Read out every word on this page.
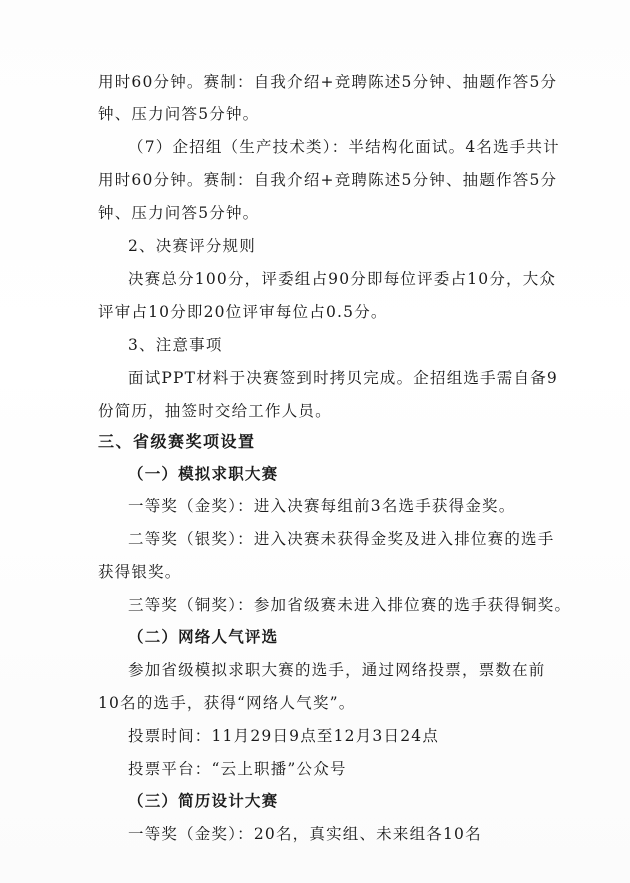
用时60分钟。赛制：自我介绍+竞聘陈述5分钟、抽题作答5分
钟、压力问答5分钟。
（7）企招组（生产技术类）：半结构化面试。4名选手共计
用时60分钟。赛制：自我介绍+竞聘陈述5分钟、抽题作答5分
钟、压力问答5分钟。
2、决赛评分规则
决赛总分100分，评委组占90分即每位评委占10分，大众
评审占10分即20位评审每位占0.5分。
3、注意事项
面试PPT材料于决赛签到时拷贝完成。企招组选手需自备9
份简历，抽签时交给工作人员。
三、省级赛奖项设置
（一）模拟求职大赛
一等奖（金奖）：进入决赛每组前3名选手获得金奖。
二等奖（银奖）：进入决赛未获得金奖及进入排位赛的选手
获得银奖。
三等奖（铜奖）：参加省级赛未进入排位赛的选手获得铜奖。
（二）网络人气评选
参加省级模拟求职大赛的选手，通过网络投票，票数在前
10名的选手，获得“网络人气奖”。
投票时间：11月29日9点至12月3日24点
投票平台：“云上职播”公众号
（三）简历设计大赛
一等奖（金奖）：20名，真实组、未来组各10名
